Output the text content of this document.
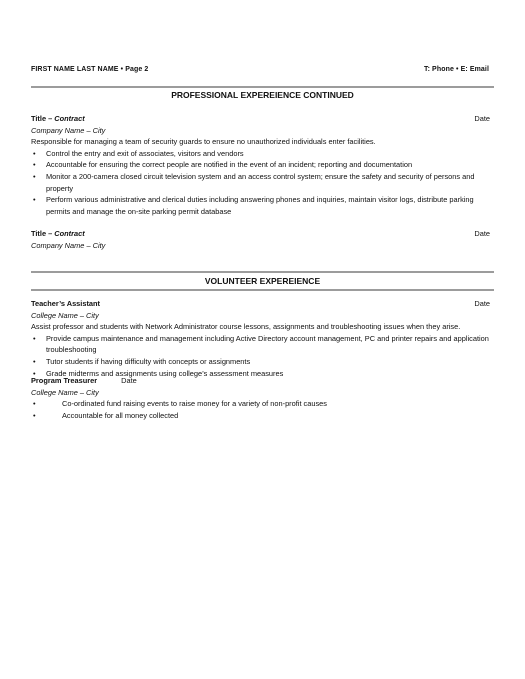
FIRST NAME LAST NAME • Page 2	T: Phone • E: Email
PROFESSIONAL EXPEREIENCE CONTINUED
Title – Contract	Date
Company Name – City
Responsible for managing a team of security guards to ensure no unauthorized individuals enter facilities.
• Control the entry and exit of associates, visitors and vendors
• Accountable for ensuring the correct people are notified in the event of an incident; reporting and documentation
• Monitor a 200-camera closed circuit television system and an access control system; ensure the safety and security of persons and property
• Perform various administrative and clerical duties including answering phones and inquiries, maintain visitor logs, distribute parking permits and manage the on-site parking permit database
Title – Contract	Date
Company Name – City
VOLUNTEER EXPEREIENCE
Teacher’s Assistant	Date
College Name – City
Assist professor and students with Network Administrator course lessons, assignments and troubleshooting issues when they arise.
• Provide campus maintenance and management including Active Directory account management, PC and printer repairs and application troubleshooting
• Tutor students if having difficulty with concepts or assignments
• Grade midterms and assignments using college’s assessment measures
Program Treasurer	Date
College Name – City
• Co-ordinated fund raising events to raise money for a variety of non-profit causes
• Accountable for all money collected
